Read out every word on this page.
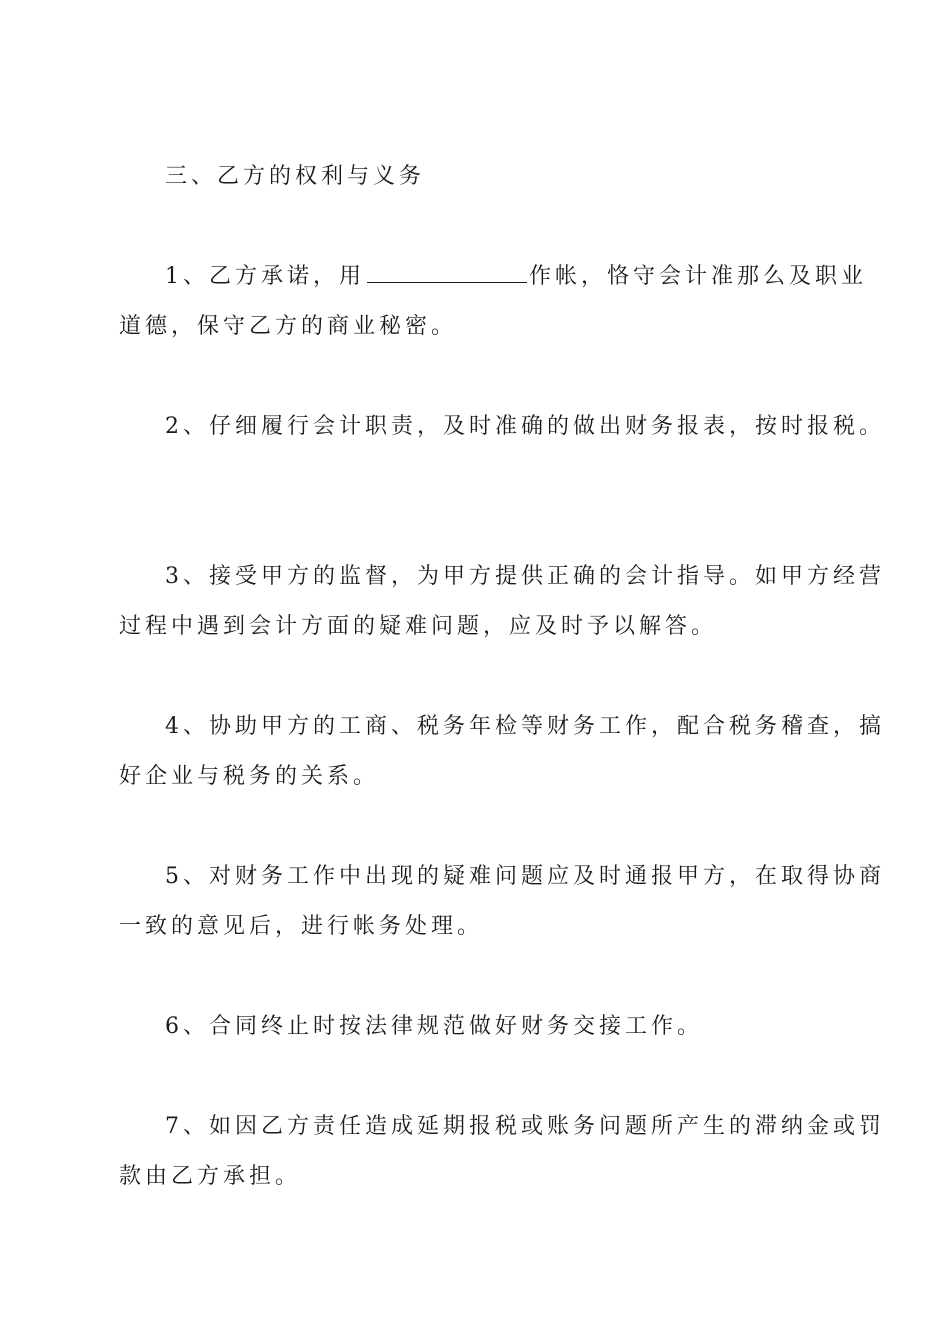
三、乙方的权利与义务
1、乙方承诺，用	作帐，恪守会计准那么及职业
道德，保守乙方的商业秘密。
2、仔细履行会计职责，及时准确的做出财务报表，按时报税。
3、接受甲方的监督，为甲方提供正确的会计指导。如甲方经营
过程中遇到会计方面的疑难问题，应及时予以解答。
4、协助甲方的工商、税务年检等财务工作，配合税务稽查，搞
好企业与税务的关系。
5、对财务工作中出现的疑难问题应及时通报甲方，在取得协商
一致的意见后，进行帐务处理。
6、合同终止时按法律规范做好财务交接工作。
7、如因乙方责任造成延期报税或账务问题所产生的滞纳金或罚
款由乙方承担。
